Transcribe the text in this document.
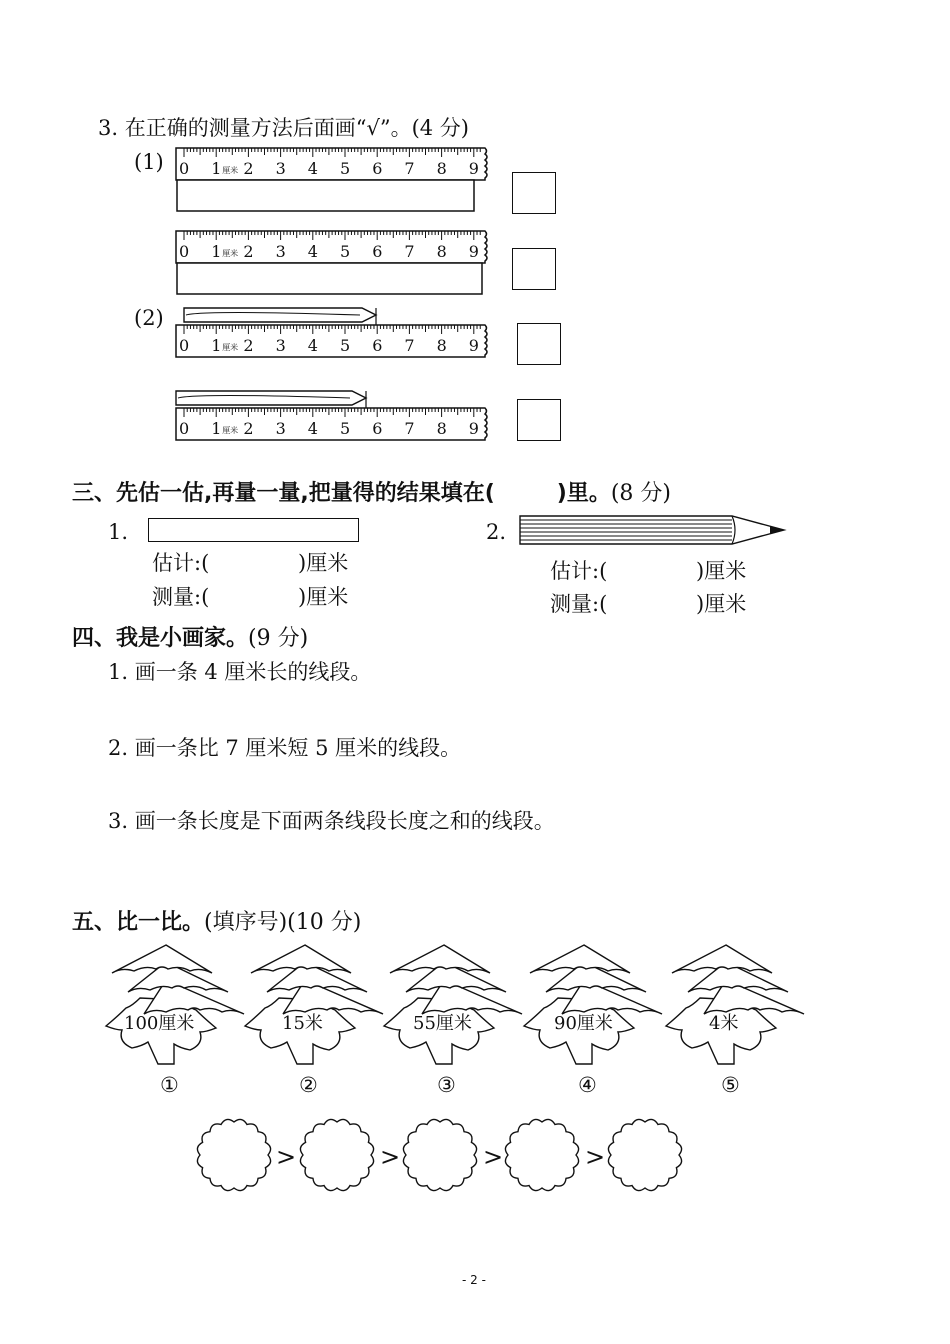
3. 在正确的测量方法后面画“√”。(4 分)
(1)
(2)
0 1 2 3 4 5 6 7 8 9
厘米
0 1 2 3 4 5 6 7 8 9
厘米
0 1 2 3 4 5 6 7 8 9
厘米
0 1 2 3 4 5 6 7 8 9
厘米
三、先估一估,再量一量,把量得的结果填在(	)里。(8 分)
1.	2.
估计:(	)厘米
测量:(	)厘米
估计:(	)厘米
测量:(	)厘米
四、我是小画家。(9 分)
1. 画一条 4 厘米长的线段。
2. 画一条比 7 厘米短 5 厘米的线段。
3. 画一条长度是下面两条线段长度之和的线段。
五、比一比。(填序号)(10 分)
100厘米	15米	55厘米	90厘米	4米
①	②	③	④	⑤
>	>	>	>
- 2 -
